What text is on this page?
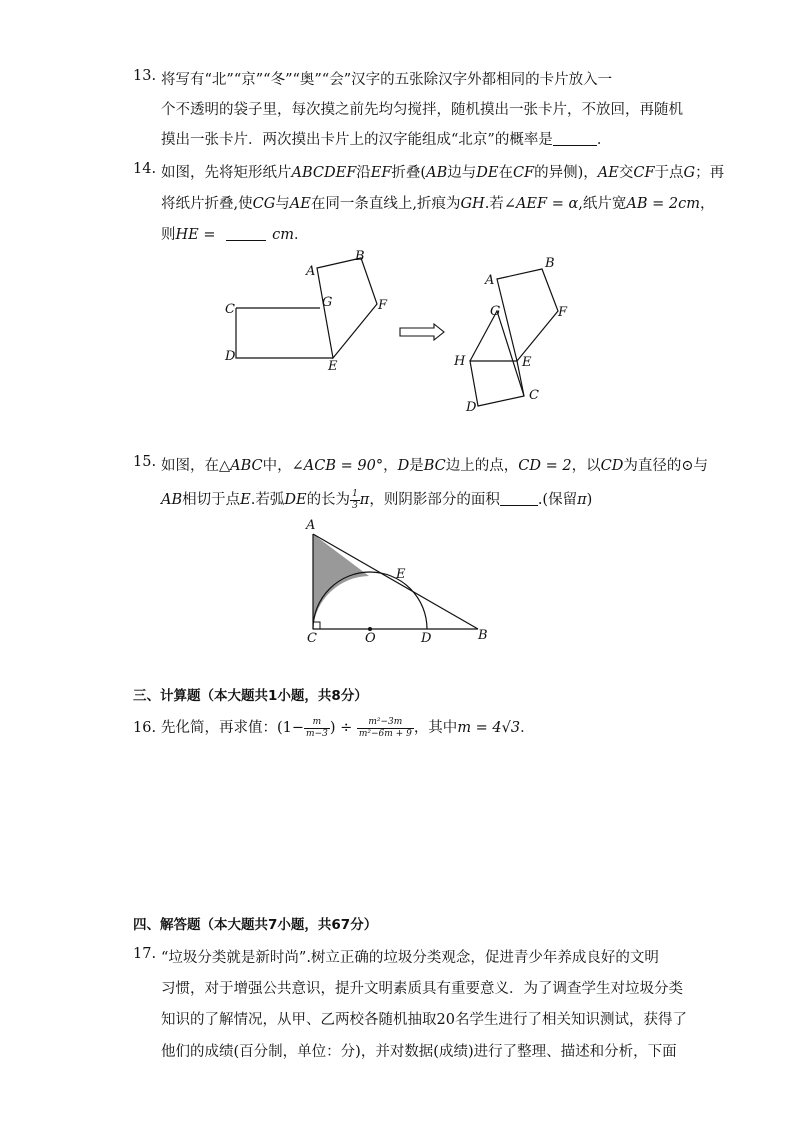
13. 将写有“北”“京”“冬”“奥”“会”汉字的五张除汉字外都相同的卡片放入一
个不透明的袋子里，每次摸之前先均匀搅拌，随机摸出一张卡片，不放回，再随机
摸出一张卡片．两次摸出卡片上的汉字能组成“北京”的概率是	．
14. 如图，先将矩形纸片ABCDEF沿EF折叠(AB边与DE在CF的异侧)，AE交CF于点G；再
将纸片折叠,使CG与AE在同一条直线上,折痕为GH.若∠AEF = α,纸片宽AB = 2cm，
则HE =	cm．
A
B
C	G	F
D
E
A
B
G	F
H	E
D
C
15. 如图，在△ABC中，∠ACB = 90°，D是BC边上的点，CD = 2，以CD为直径的⊙与
AB相切于点E.若弧DE的长为 $\frac{1}{3}$ π，则阴影部分的面积	.(保留π)
A
E
C	O	D	B
三、计算题（本大题共1小题，共8分）
16. 先化简，再求值：($1- \frac{m}{m-3}$ ) ÷ $\frac{\text{m²−3m}}{\text{m²−6m + 9}}$ ，其中m = 4√3．
四、解答题（本大题共7小题，共67分）
17. “垃圾分类就是新时尚”.树立正确的垃圾分类观念，促进青少年养成良好的文明
习惯，对于增强公共意识，提升文明素质具有重要意义．为了调查学生对垃圾分类
知识的了解情况，从甲、乙两校各随机抽取20名学生进行了相关知识测试，获得了
他们的成绩(百分制，单位：分)，并对数据(成绩)进行了整理、描述和分析，下面
